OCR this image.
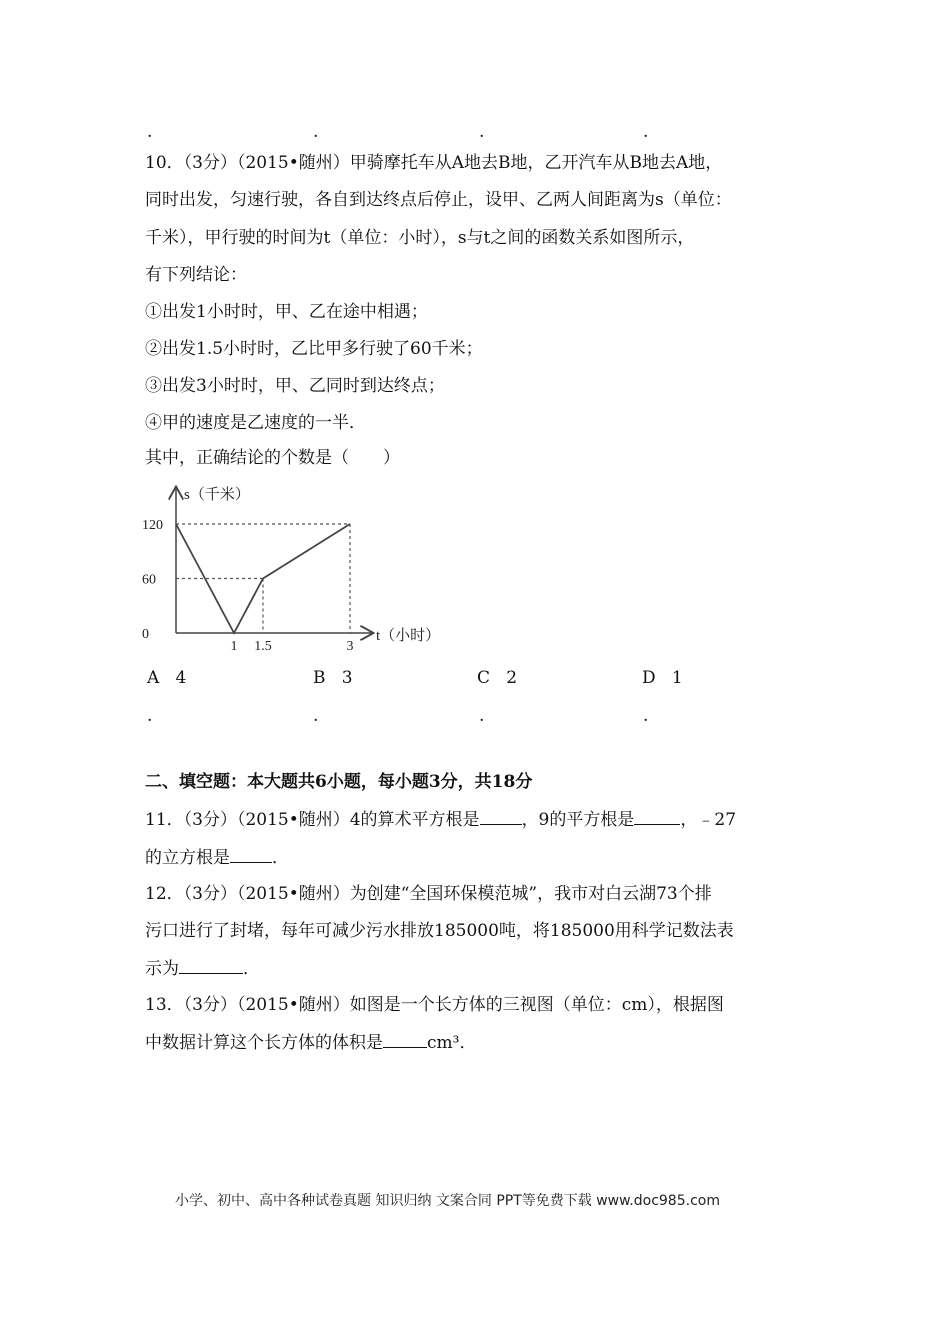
.	.	.	.
10．（3分）（2015•随州）甲骑摩托车从A地去B地，乙开汽车从B地去A地，
同时出发，匀速行驶，各自到达终点后停止，设甲、乙两人间距离为s（单位：
千米），甲行驶的时间为t（单位：小时），s与t之间的函数关系如图所示，
有下列结论：
①出发1小时时，甲、乙在途中相遇；
②出发1.5小时时，乙比甲多行驶了60千米；
③出发3小时时，甲、乙同时到达终点；
④甲的速度是乙速度的一半．
其中，正确结论的个数是（　　）
120
60
0
1 1.5	3
s（千米）
t（小时）
A 4	B 3	C 2	D 1
.	.	.	.
二、填空题：本大题共6小题，每小题3分，共18分
11．（3分）（2015•随州）4的算术平方根是 ，9的平方根是	，﹣27
的立方根是 ．
12．（3分）（2015•随州）为创建“全国环保模范城”，我市对白云湖73个排
污口进行了封堵，每年可减少污水排放185000吨，将185000用科学记数法表
示为	．
13．（3分）（2015•随州）如图是一个长方体的三视图（单位：cm），根据图
中数据计算这个长方体的体积是	cm³．
小学、初中、高中各种试卷真题 知识归纳 文案合同 PPT等免费下载 www.doc985.com
